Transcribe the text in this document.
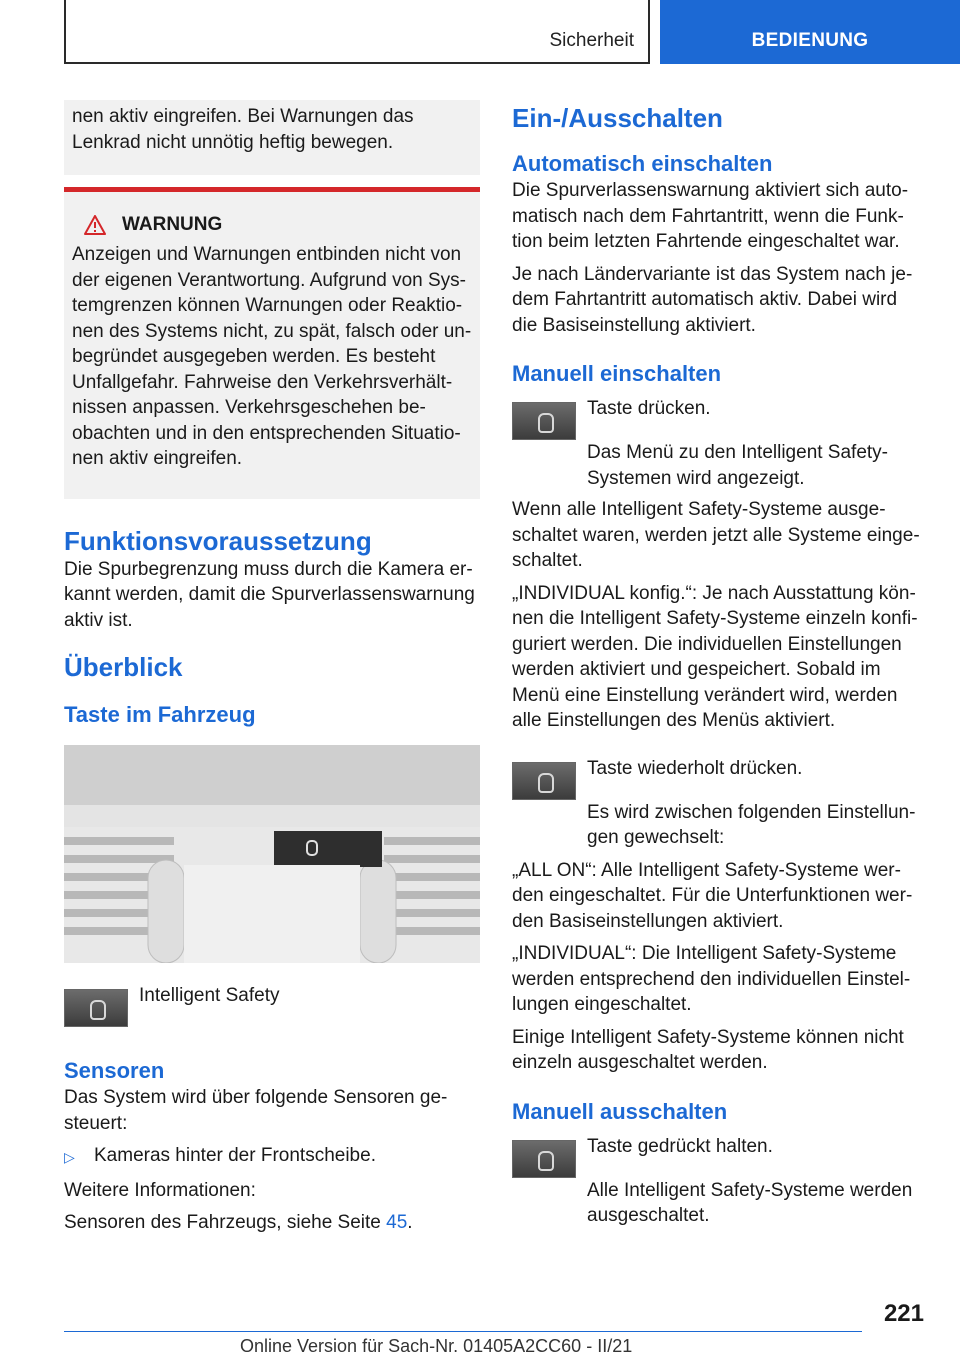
Sicherheit	BEDIENUNG

nen aktiv eingreifen. Bei Warnungen das Lenkrad nicht unnötig heftig bewegen.

WARNUNG

Anzeigen und Warnungen entbinden nicht von der eigenen Verantwortung. Aufgrund von Systemgrenzen können Warnungen oder Reaktionen des Systems nicht, zu spät, falsch oder unbegründet ausgegeben werden. Es besteht Unfallgefahr. Fahrweise den Verkehrsverhältnissen anpassen. Verkehrsgeschehen beobachten und in den entsprechenden Situationen aktiv eingreifen.

Funktionsvoraussetzung

Die Spurbegrenzung muss durch die Kamera erkannt werden, damit die Spurverlassenswarnung aktiv ist.

Überblick
Taste im Fahrzeug

Intelligent Safety

Sensoren

Das System wird über folgende Sensoren gesteuert:

▷	Kameras hinter der Frontscheibe.

Weitere Informationen:

Sensoren des Fahrzeugs, siehe Seite 45.

Ein-/Ausschalten
Automatisch einschalten

Die Spurverlassenswarnung aktiviert sich automatisch nach dem Fahrtantritt, wenn die Funktion beim letzten Fahrtende eingeschaltet war.

Je nach Ländervariante ist das System nach jedem Fahrtantritt automatisch aktiv. Dabei wird die Basiseinstellung aktiviert.

Manuell einschalten

Taste drücken.

Das Menü zu den Intelligent Safety-Systemen wird angezeigt.

Wenn alle Intelligent Safety-Systeme ausgeschaltet waren, werden jetzt alle Systeme eingeschaltet.

„INDIVIDUAL konfig.“: Je nach Ausstattung können die Intelligent Safety-Systeme einzeln konfiguriert werden. Die individuellen Einstellungen werden aktiviert und gespeichert. Sobald im Menü eine Einstellung verändert wird, werden alle Einstellungen des Menüs aktiviert.

Taste wiederholt drücken.

Es wird zwischen folgenden Einstellungen gewechselt:

„ALL ON“: Alle Intelligent Safety-Systeme werden eingeschaltet. Für die Unterfunktionen werden Basiseinstellungen aktiviert.

„INDIVIDUAL“: Die Intelligent Safety-Systeme werden entsprechend den individuellen Einstellungen eingeschaltet.

Einige Intelligent Safety-Systeme können nicht einzeln ausgeschaltet werden.

Manuell ausschalten

Taste gedrückt halten.

Alle Intelligent Safety-Systeme werden ausgeschaltet.

221
Online Version für Sach-Nr. 01405A2CC60 - II/21
